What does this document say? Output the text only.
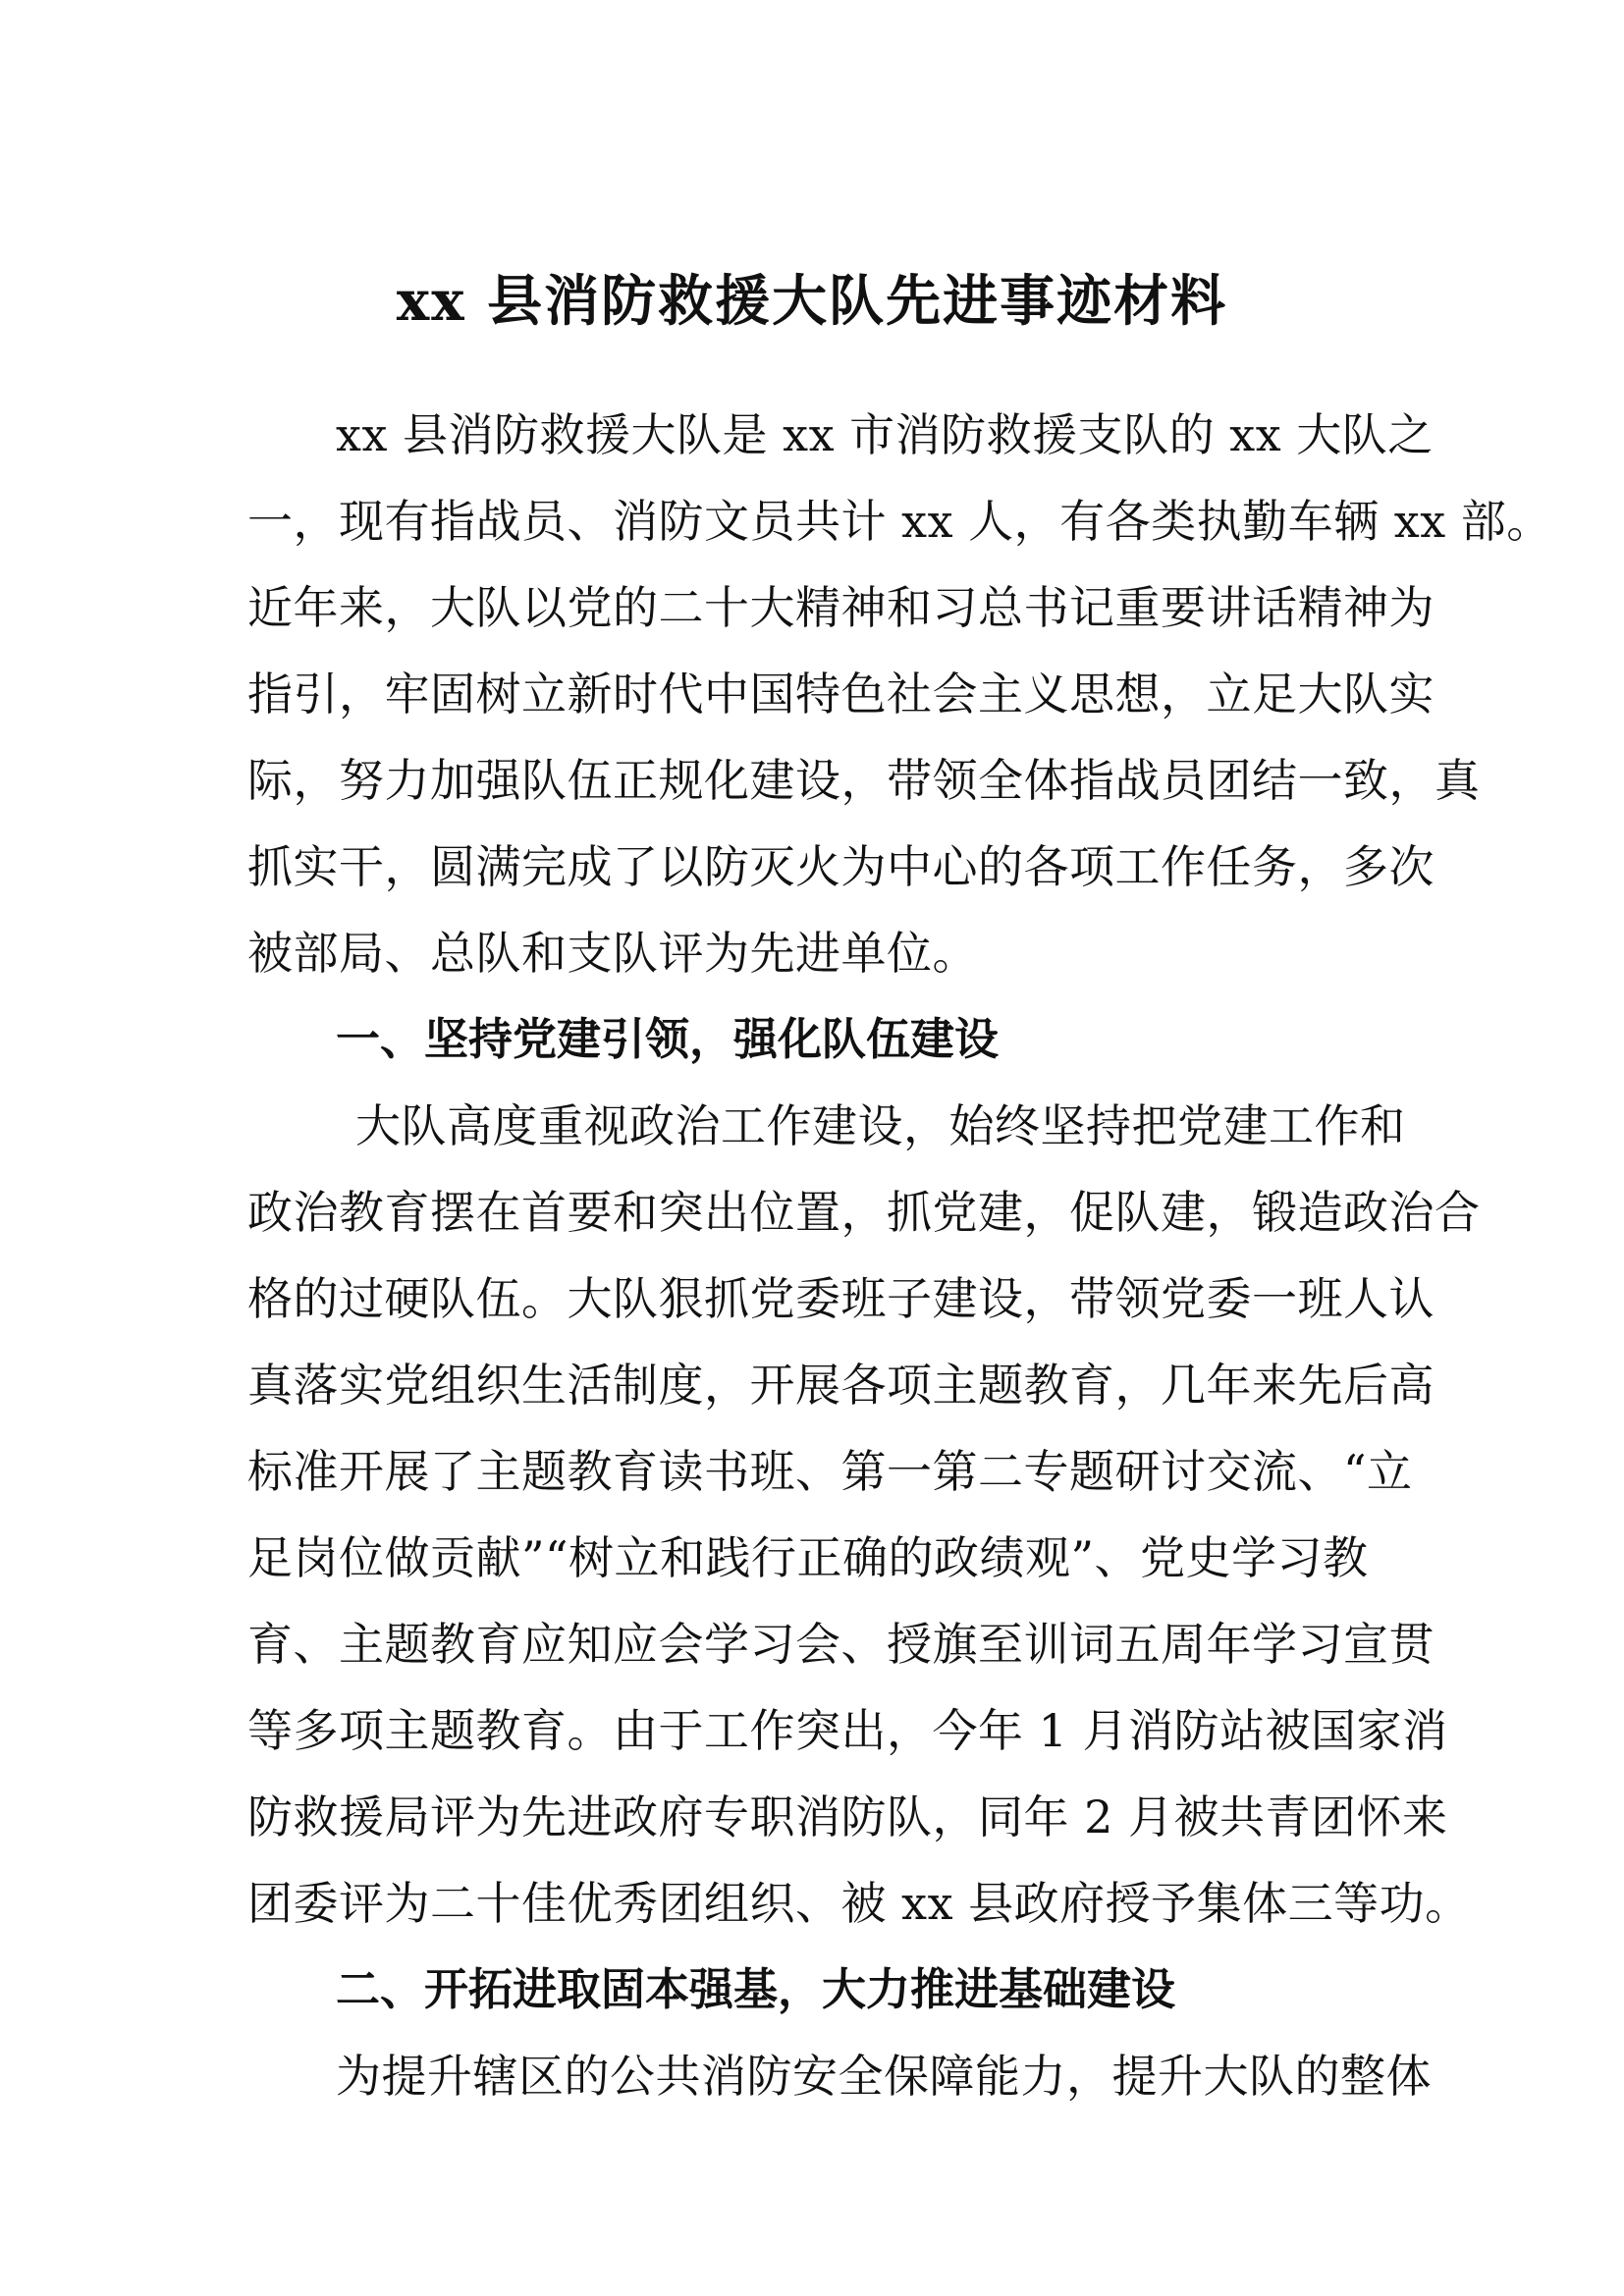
xx 县消防救援大队先进事迹材料
xx 县消防救援大队是 xx 市消防救援支队的 xx 大队之
一，现有指战员、消防文员共计 xx 人，有各类执勤车辆 xx 部。
近年来，大队以党的二十大精神和习总书记重要讲话精神为
指引，牢固树立新时代中国特色社会主义思想，立足大队实
际，努力加强队伍正规化建设，带领全体指战员团结一致，真
抓实干，圆满完成了以防灭火为中心的各项工作任务，多次
被部局、总队和支队评为先进单位。
一、坚持党建引领，强化队伍建设
大队高度重视政治工作建设，始终坚持把党建工作和
政治教育摆在首要和突出位置，抓党建，促队建，锻造政治合
格的过硬队伍。大队狠抓党委班子建设，带领党委一班人认
真落实党组织生活制度，开展各项主题教育，几年来先后高
标准开展了主题教育读书班、第一第二专题研讨交流、“立
足岗位做贡献”“树立和践行正确的政绩观”、党史学习教
育、主题教育应知应会学习会、授旗至训词五周年学习宣贯
等多项主题教育。由于工作突出，今年 1 月消防站被国家消
防救援局评为先进政府专职消防队，同年 2 月被共青团怀来
团委评为二十佳优秀团组织、被 xx 县政府授予集体三等功。
二、开拓进取固本强基，大力推进基础建设
为提升辖区的公共消防安全保障能力，提升大队的整体
